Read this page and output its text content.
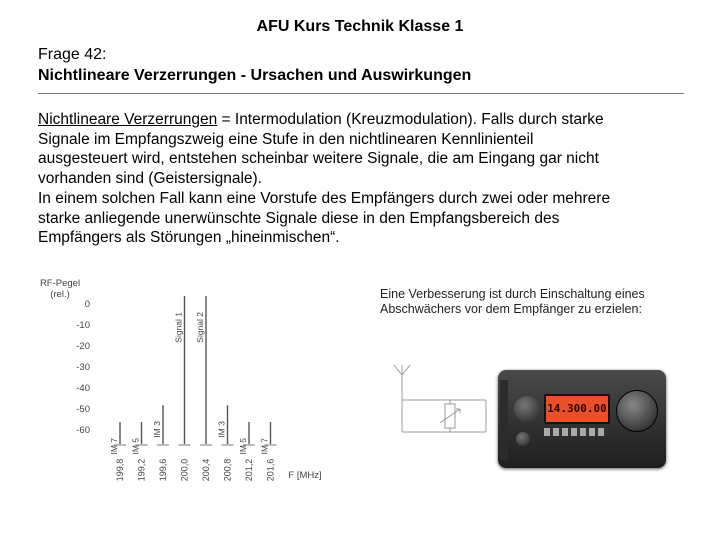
AFU Kurs Technik Klasse 1
Frage 42:
Nichtlineare Verzerrungen - Ursachen und Auswirkungen
Nichtlineare Verzerrungen = Intermodulation (Kreuzmodulation). Falls durch starke
Signale im Empfangszweig eine Stufe in den nichtlinearen Kennlinienteil
ausgesteuert wird, entstehen scheinbar weitere Signale, die am Eingang gar nicht
vorhanden sind (Geistersignale).
In einem solchen Fall kann eine Vorstufe des Empfängers durch zwei oder mehrere
starke anliegende unerwünschte Signale diese in den Empfangsbereich des
Empfängers als Störungen „hineinmischen“.
RF-Pegel
(rel.)
0
-10
-20
-30
-40
-50
-60
IM 7 IM 5
IM 3
Signal 1 Signal 2
IM 3
IM 5 IM 7
199,8 199,2 199,6 200,0 200,4 200,8 201,2 201,6 F [MHz]
Eine Verbesserung ist durch Einschaltung eines
Abschwächers vor dem Empfänger zu erzielen:
14.300.00
